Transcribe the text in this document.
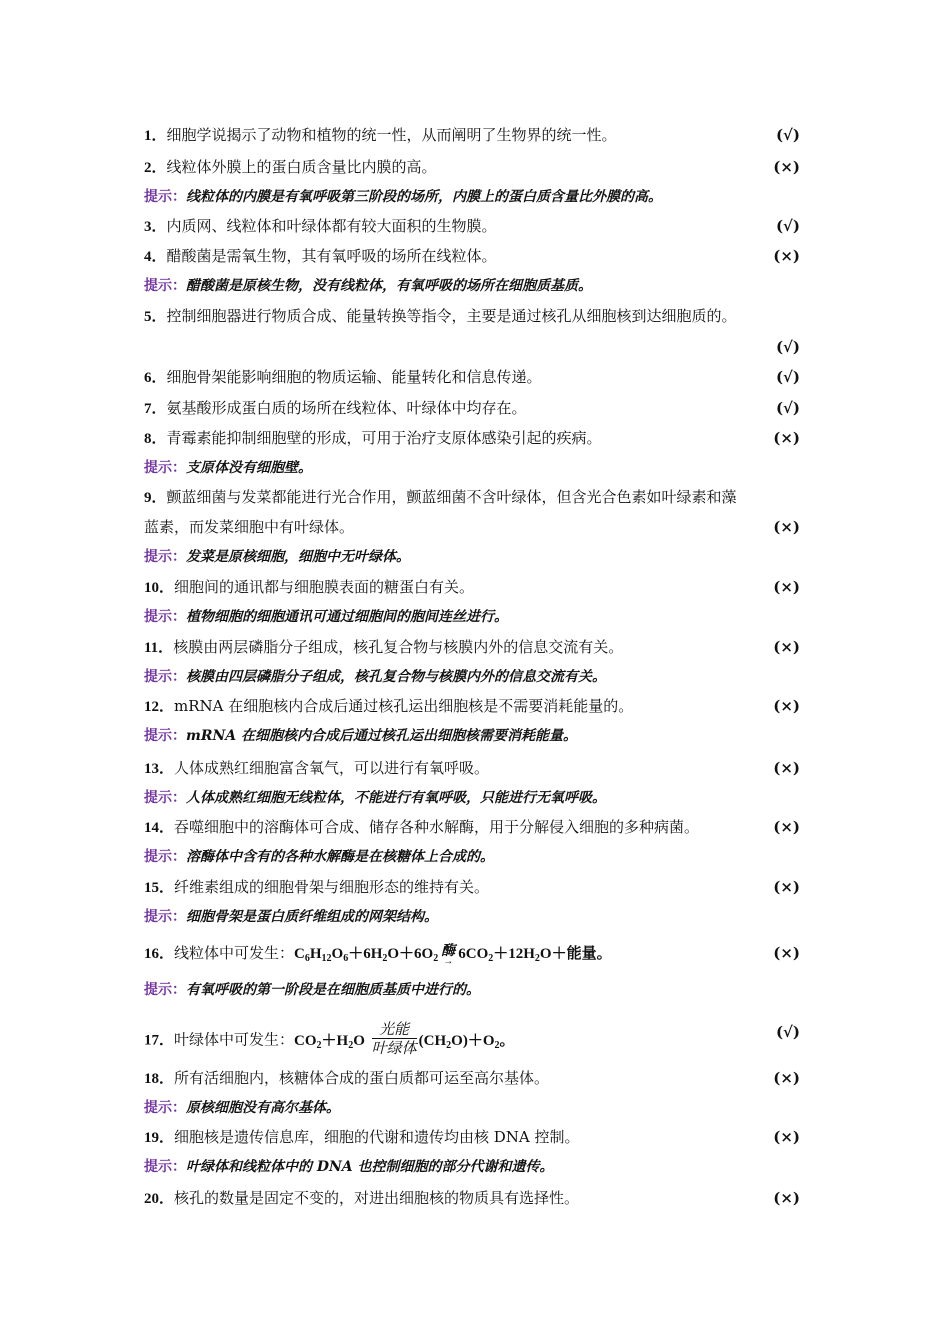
1．细胞学说揭示了动物和植物的统一性，从而阐明了生物界的统一性。	(√)
2．线粒体外膜上的蛋白质含量比内膜的高。	(×)
提示：线粒体的内膜是有氧呼吸第三阶段的场所，内膜上的蛋白质含量比外膜的高。
3．内质网、线粒体和叶绿体都有较大面积的生物膜。	(√)
4．醋酸菌是需氧生物，其有氧呼吸的场所在线粒体。	(×)
提示：醋酸菌是原核生物，没有线粒体，有氧呼吸的场所在细胞质基质。
5．控制细胞器进行物质合成、能量转换等指令，主要是通过核孔从细胞核到达细胞质的。
(√)
6．细胞骨架能影响细胞的物质运输、能量转化和信息传递。	(√)
7．氨基酸形成蛋白质的场所在线粒体、叶绿体中均存在。	(√)
8．青霉素能抑制细胞壁的形成，可用于治疗支原体感染引起的疾病。	(×)
提示：支原体没有细胞壁。
9．颤蓝细菌与发菜都能进行光合作用，颤蓝细菌不含叶绿体，但含光合色素如叶绿素和藻
蓝素，而发菜细胞中有叶绿体。	(×)
提示：发菜是原核细胞，细胞中无叶绿体。
10．细胞间的通讯都与细胞膜表面的糖蛋白有关。	(×)
提示：植物细胞的细胞通讯可通过细胞间的胞间连丝进行。
11．核膜由两层磷脂分子组成，核孔复合物与核膜内外的信息交流有关。	(×)
提示：核膜由四层磷脂分子组成，核孔复合物与核膜内外的信息交流有关。
12．mRNA 在细胞核内合成后通过核孔运出细胞核是不需要消耗能量的。	(×)
提示：mRNA 在细胞核内合成后通过核孔运出细胞核需要消耗能量。
13．人体成熟红细胞富含氧气，可以进行有氧呼吸。	(×)
提示：人体成熟红细胞无线粒体，不能进行有氧呼吸，只能进行无氧呼吸。
14．吞噬细胞中的溶酶体可合成、储存各种水解酶，用于分解侵入细胞的多种病菌。	(×)
提示：溶酶体中含有的各种水解酶是在核糖体上合成的。
15．纤维素组成的细胞骨架与细胞形态的维持有关。	(×)
提示：细胞骨架是蛋白质纤维组成的网架结构。
16．线粒体中可发生：$C_6H_{12}O_6+6H_2O+6O_2$ 酶
→ $6CO_2+12H_2O+$能量。	(×)
提示：有氧呼吸的第一阶段是在细胞质基质中进行的。
17．叶绿体中可发生：$CO_2+H_2O$
光能
叶绿体 $(CH_2O)+O_2$。	(√)
18．所有活细胞内，核糖体合成的蛋白质都可运至高尔基体。	(×)
提示：原核细胞没有高尔基体。
19．细胞核是遗传信息库，细胞的代谢和遗传均由核 DNA 控制。	(×)
提示：叶绿体和线粒体中的 DNA 也控制细胞的部分代谢和遗传。
20．核孔的数量是固定不变的，对进出细胞核的物质具有选择性。	(×)
